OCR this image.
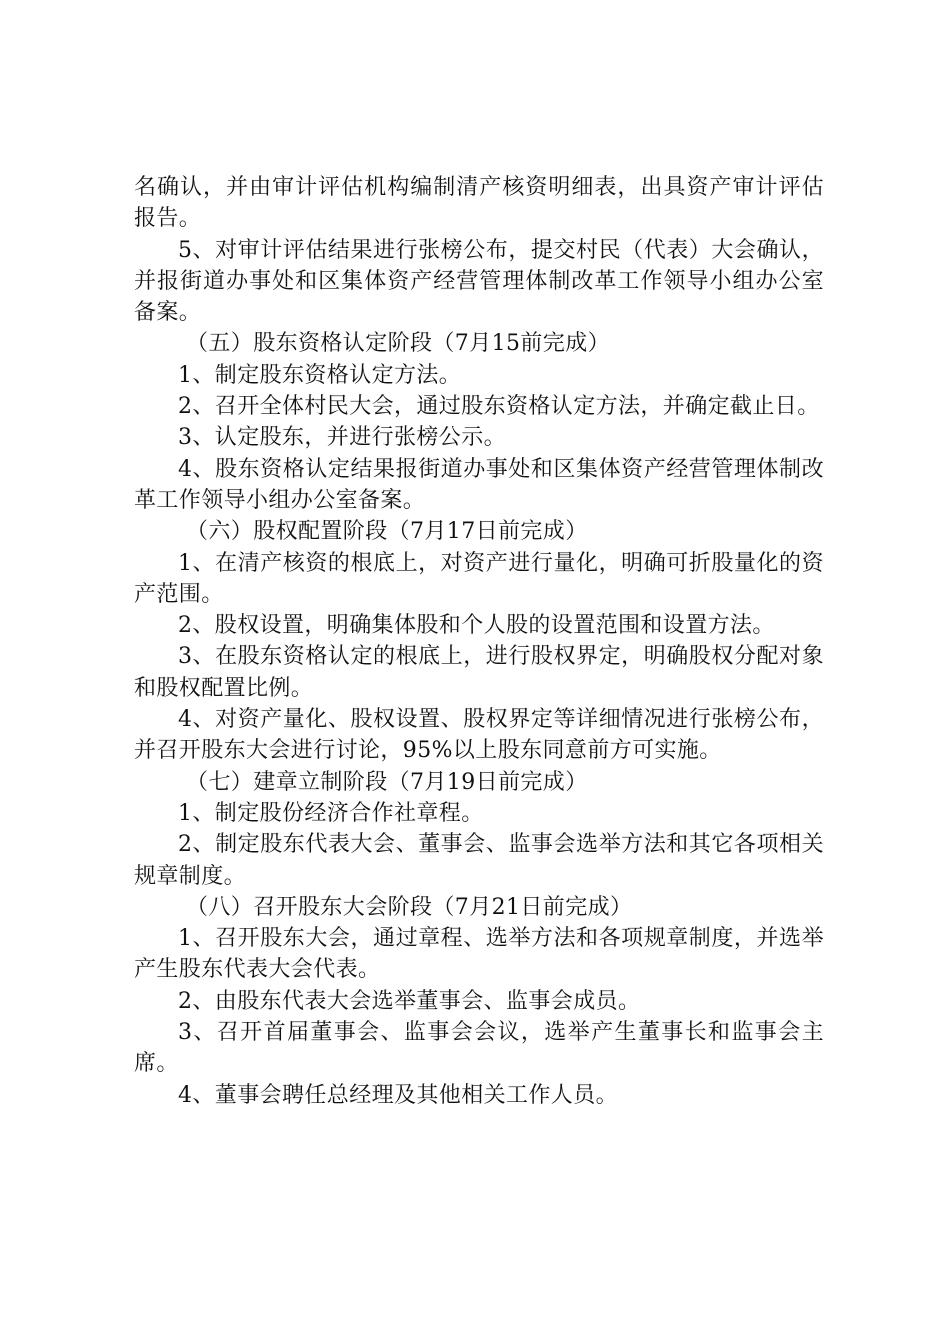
名确认，并由审计评估机构编制清产核资明细表，出具资产审计评估报告。

5、对审计评估结果进行张榜公布，提交村民（代表）大会确认，并报街道办事处和区集体资产经营管理体制改革工作领导小组办公室备案。

（五）股东资格认定阶段（7月15前完成）

1、制定股东资格认定方法。

2、召开全体村民大会，通过股东资格认定方法，并确定截止日。

3、认定股东，并进行张榜公示。

4、股东资格认定结果报街道办事处和区集体资产经营管理体制改革工作领导小组办公室备案。

（六）股权配置阶段（7月17日前完成）

1、在清产核资的根底上，对资产进行量化，明确可折股量化的资产范围。

2、股权设置，明确集体股和个人股的设置范围和设置方法。

3、在股东资格认定的根底上，进行股权界定，明确股权分配对象和股权配置比例。

4、对资产量化、股权设置、股权界定等详细情况进行张榜公布，并召开股东大会进行讨论，95%以上股东同意前方可实施。

（七）建章立制阶段（7月19日前完成）

1、制定股份经济合作社章程。

2、制定股东代表大会、董事会、监事会选举方法和其它各项相关规章制度。

（八）召开股东大会阶段（7月21日前完成）

1、召开股东大会，通过章程、选举方法和各项规章制度，并选举产生股东代表大会代表。

2、由股东代表大会选举董事会、监事会成员。

3、召开首届董事会、监事会会议，选举产生董事长和监事会主席。

4、董事会聘任总经理及其他相关工作人员。
